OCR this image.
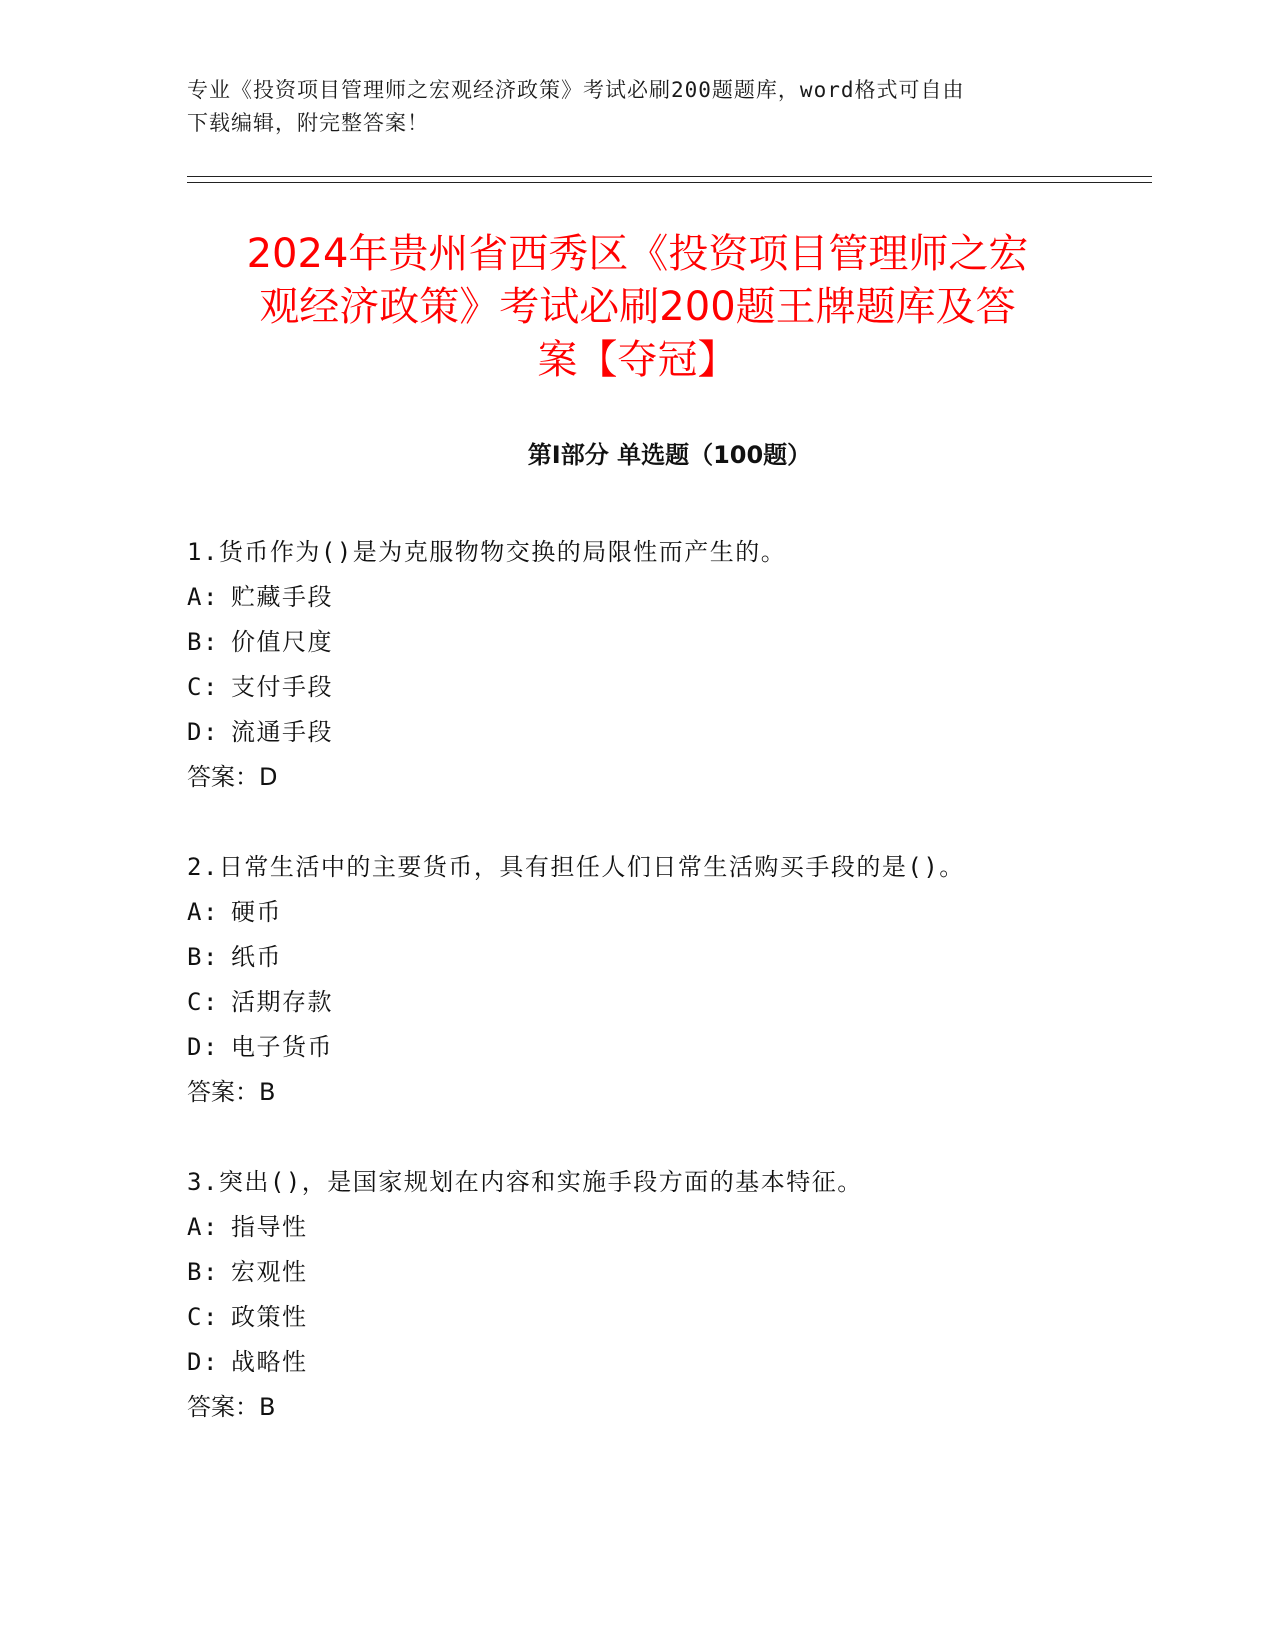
专业《投资项目管理师之宏观经济政策》考试必刷200题题库，word格式可自由
下载编辑，附完整答案！
2024年贵州省西秀区《投资项目管理师之宏
观经济政策》考试必刷200题王牌题库及答
案【夺冠】
第Ⅰ部分 单选题（100题）
1.货币作为()是为克服物物交换的局限性而产生的。
A: 贮藏手段
B: 价值尺度
C: 支付手段
D: 流通手段
答案：D
2.日常生活中的主要货币，具有担任人们日常生活购买手段的是()。
A: 硬币
B: 纸币
C: 活期存款
D: 电子货币
答案：B
3.突出()，是国家规划在内容和实施手段方面的基本特征。
A: 指导性
B: 宏观性
C: 政策性
D: 战略性
答案：B
